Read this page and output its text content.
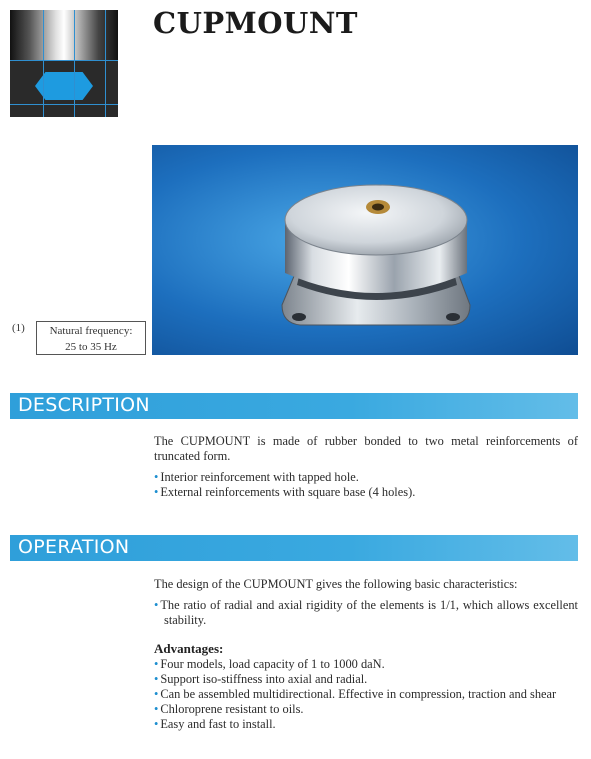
CUPMOUNT
(1)	Natural frequency:
25 to 35 Hz
DESCRIPTION
The CUPMOUNT is made of rubber bonded to two metal reinforcements of truncated form.
• Interior reinforcement with tapped hole.
• External reinforcements with square base (4 holes).
OPERATION
The design of the CUPMOUNT gives the following basic characteristics:
• The ratio of radial and axial rigidity of the elements is 1/1, which allows excellent stability.
Advantages:
• Four models, load capacity of 1 to 1000 daN.
• Support iso-stiffness into axial and radial.
• Can be assembled multidirectional. Effective in compression, traction and shear
• Chloroprene resistant to oils.
• Easy and fast to install.
